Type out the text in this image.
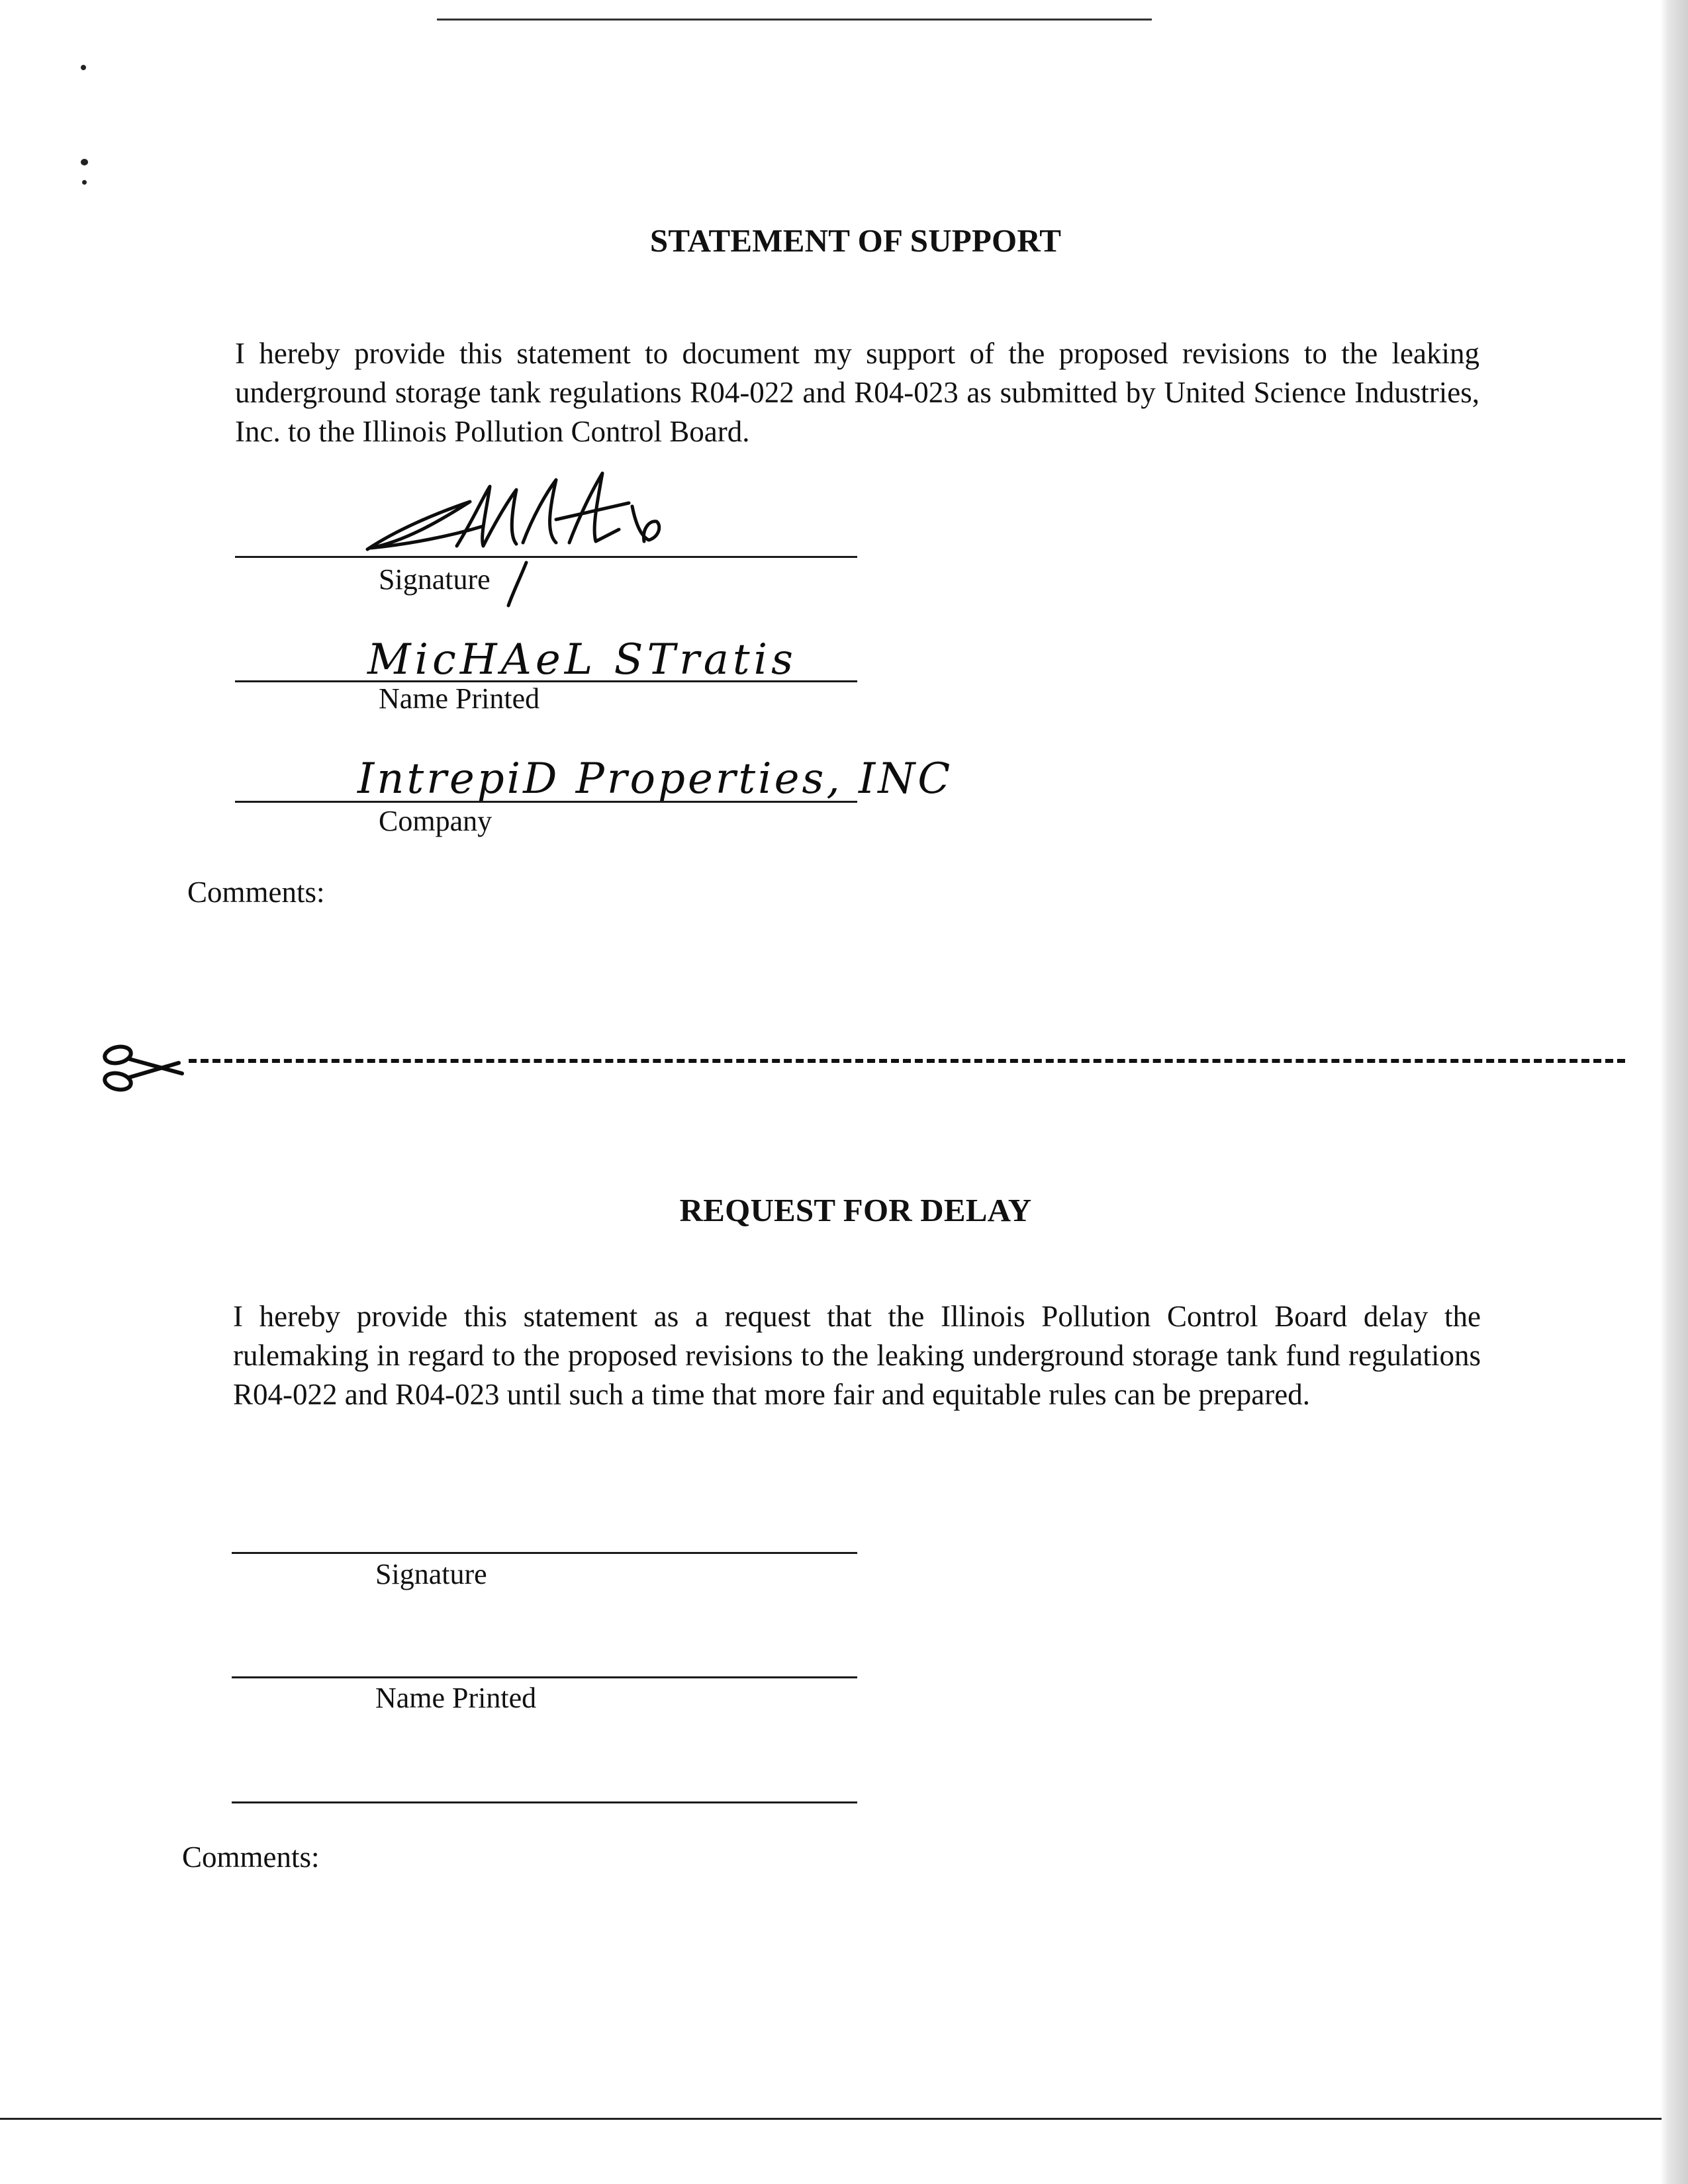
STATEMENT OF SUPPORT
I hereby provide this statement to document my support of the proposed revisions to the leaking underground storage tank regulations R04-022 and R04-023 as submitted by United Science Industries, Inc. to the Illinois Pollution Control Board.
Signature
MicHAeL STratis
Name Printed
IntrepiD Properties, INC
Company
Comments:
REQUEST FOR DELAY
I hereby provide this statement as a request that the Illinois Pollution Control Board delay the rulemaking in regard to the proposed revisions to the leaking underground storage tank fund regulations R04-022 and R04-023 until such a time that more fair and equitable rules can be prepared.
Signature
Name Printed
Comments:
